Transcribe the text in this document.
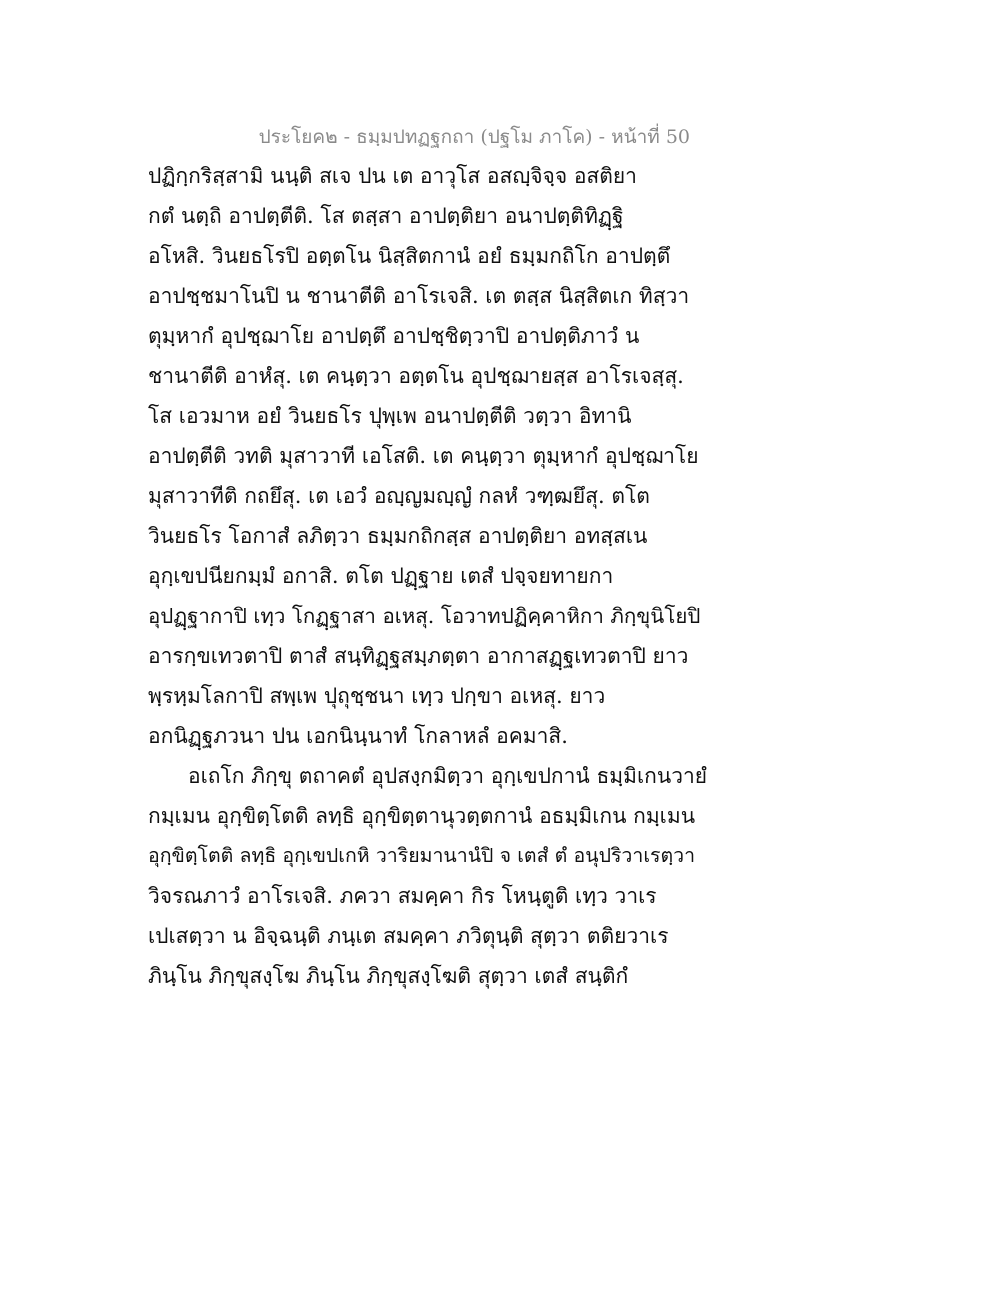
ประโยค๒ - ธมฺมปทฏฐกถา (ปฐโม ภาโค) - หน้าที่ 50
ปฏิกฺกริสฺสามิ นนฺติ สเจ ปน เต อาวุโส อสญฺจิจฺจ อสติยา
กตํ นตฺถิ อาปตฺตีติ. โส ตสฺสา อาปตฺติยา อนาปตฺติทิฏฺฐิ
อโหสิ. วินยธโรปิ อตฺตโน นิสฺสิตกานํ อยํ ธมฺมกถิโก อาปตฺตึ
อาปชฺชมาโนปิ น ชานาตีติ อาโรเจสิ. เต ตสฺส นิสฺสิตเก ทิสฺวา
ตุมฺหากํ อุปชฺฌาโย อาปตฺตึ อาปชฺชิตฺวาปิ อาปตฺติภาวํ น
ชานาตีติ อาหํสุ. เต คนฺตฺวา อตฺตโน อุปชฺฌายสฺส อาโรเจสฺสุ.
โส เอวมาห อยํ วินยธโร ปุพฺเพ อนาปตฺตีติ วตฺวา อิทานิ
อาปตฺตีติ วทติ มุสาวาที เอโสติ. เต คนฺตฺวา ตุมฺหากํ อุปชฺฌาโย
มุสาวาทีติ กถยึสุ. เต เอวํ อญฺญมญฺญํ กลหํ วฑฺฒยึสุ. ตโต
วินยธโร โอกาสํ ลภิตฺวา ธมฺมกถิกสฺส อาปตฺติยา อทสฺสเน
อุกฺเขปนียกมฺมํ อกาสิ. ตโต ปฏฺฐาย เตสํ ปจฺจยทายกา
อุปฏฺฐากาปิ เทฺว โกฏฺฐาสา อเหสุ. โอวาทปฏิคฺคาหิกา ภิกฺขุนิโยปิ
อารกฺขเทวตาปิ ตาสํ สนฺทิฏฺฐสมฺภตฺตา อากาสฏฺฐเทวตาปิ ยาว
พฺรหฺมโลกาปิ สพฺเพ ปุถุชฺชนา เทฺว ปกฺขา อเหสุ. ยาว
อกนิฏฺฐภวนา ปน เอกนินฺนาทํ โกลาหลํ อคมาสิ.
อเถโก ภิกฺขุ ตถาคตํ อุปสงฺกมิตฺวา อุกฺเขปกานํ ธมฺมิเกนวายํ
กมฺเมน อุกฺขิตฺโตติ ลทฺธิ อุกฺขิตฺตานุวตฺตกานํ อธมฺมิเกน กมฺเมน
อุกฺขิตฺโตติ ลทฺธิ อุกฺเขปเกหิ วาริยมานานํปิ จ เตสํ ตํ อนุปริวาเรตฺวา
วิจรณภาวํ อาโรเจสิ. ภควา สมคฺคา กิร โหนฺตูติ เทฺว วาเร
เปเสตฺวา น อิจฺฉนฺติ ภนฺเต สมคฺคา ภวิตุนฺติ สุตฺวา ตติยวาเร
ภินฺโน ภิกฺขุสงฺโฆ ภินฺโน ภิกฺขุสงฺโฆติ สุตฺวา เตสํ สนฺติกํ
